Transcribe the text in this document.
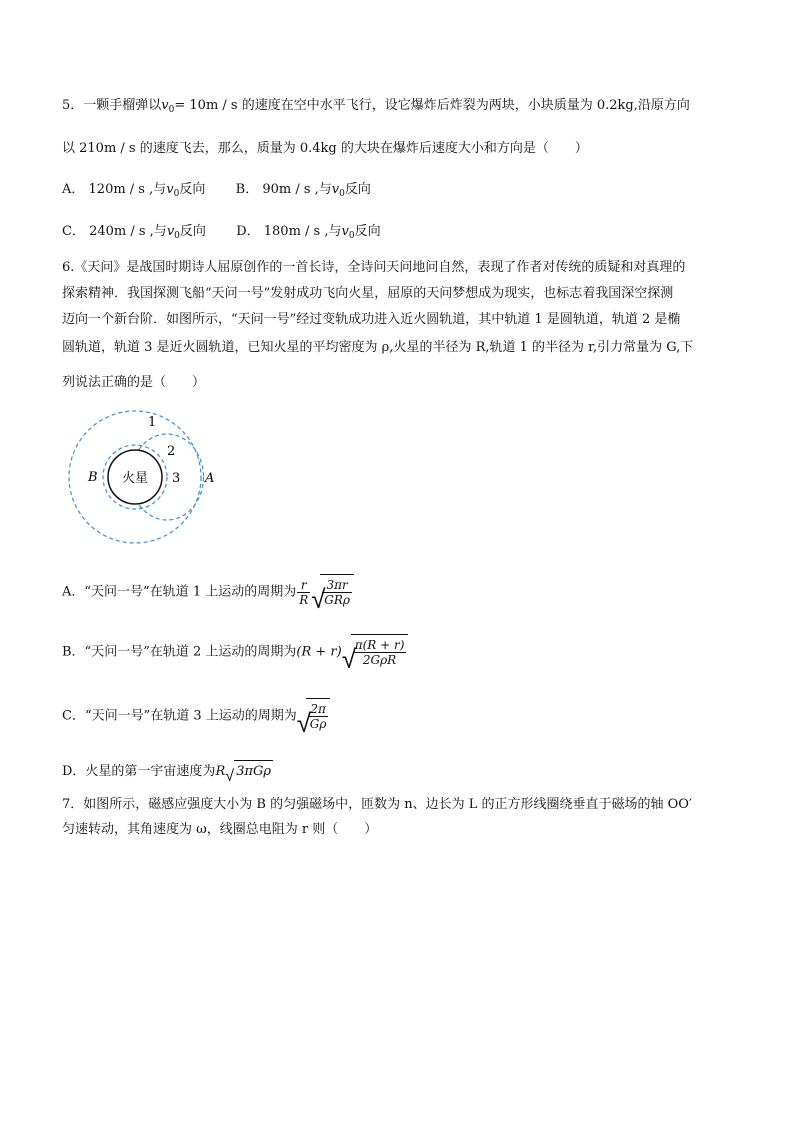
5．一颗手榴弹以$v_0= 10m / s$ 的速度在空中水平飞行，设它爆炸后炸裂为两块，小块质量为 0.2kg,沿原方向
以 210m / s 的速度飞去，那么，质量为 0.4kg 的大块在爆炸后速度大小和方向是（　　）
A． 120m / s ,与$v_0$反向 B． 90m / s ,与$v_0$反向
C． 240m / s ,与$v_0$反向 D． 180m / s ,与$v_0$反向
6.《天问》是战国时期诗人屈原创作的一首长诗，全诗问天问地问自然，表现了作者对传统的质疑和对真理的
探索精神．我国探测飞船“天问一号”发射成功飞向火星，屈原的天问梦想成为现实，也标志着我国深空探测
迈向一个新台阶．如图所示，“天问一号”经过变轨成功进入近火圆轨道，其中轨道 1 是圆轨道，轨道 2 是椭
圆轨道，轨道 3 是近火圆轨道，已知火星的平均密度为 ρ,火星的半径为 R,轨道 1 的半径为 r,引力常量为 G,下
列说法正确的是（　　）
火星
1
2
3 A
B
A．“天问一号”在轨道 1 上运动的周期为 $\frac{r}{R}$ √ $\frac{3\pi r}{\text{GRρ}}$
B．“天问一号”在轨道 2 上运动的周期为(R + r) √ $\frac{\pi(R + r)}{\text{2GρR}}$
C．“天问一号”在轨道 3 上运动的周期为 √ $\frac{2\pi}{G\rho}$
D．火星的第一宇宙速度为R √ 3πGρ
7．如图所示，磁感应强度大小为 B 的匀强磁场中，匝数为 n、边长为 L 的正方形线圈绕垂直于磁场的轴 OO′
匀速转动，其角速度为 ω，线圈总电阻为 r 则（　　）
